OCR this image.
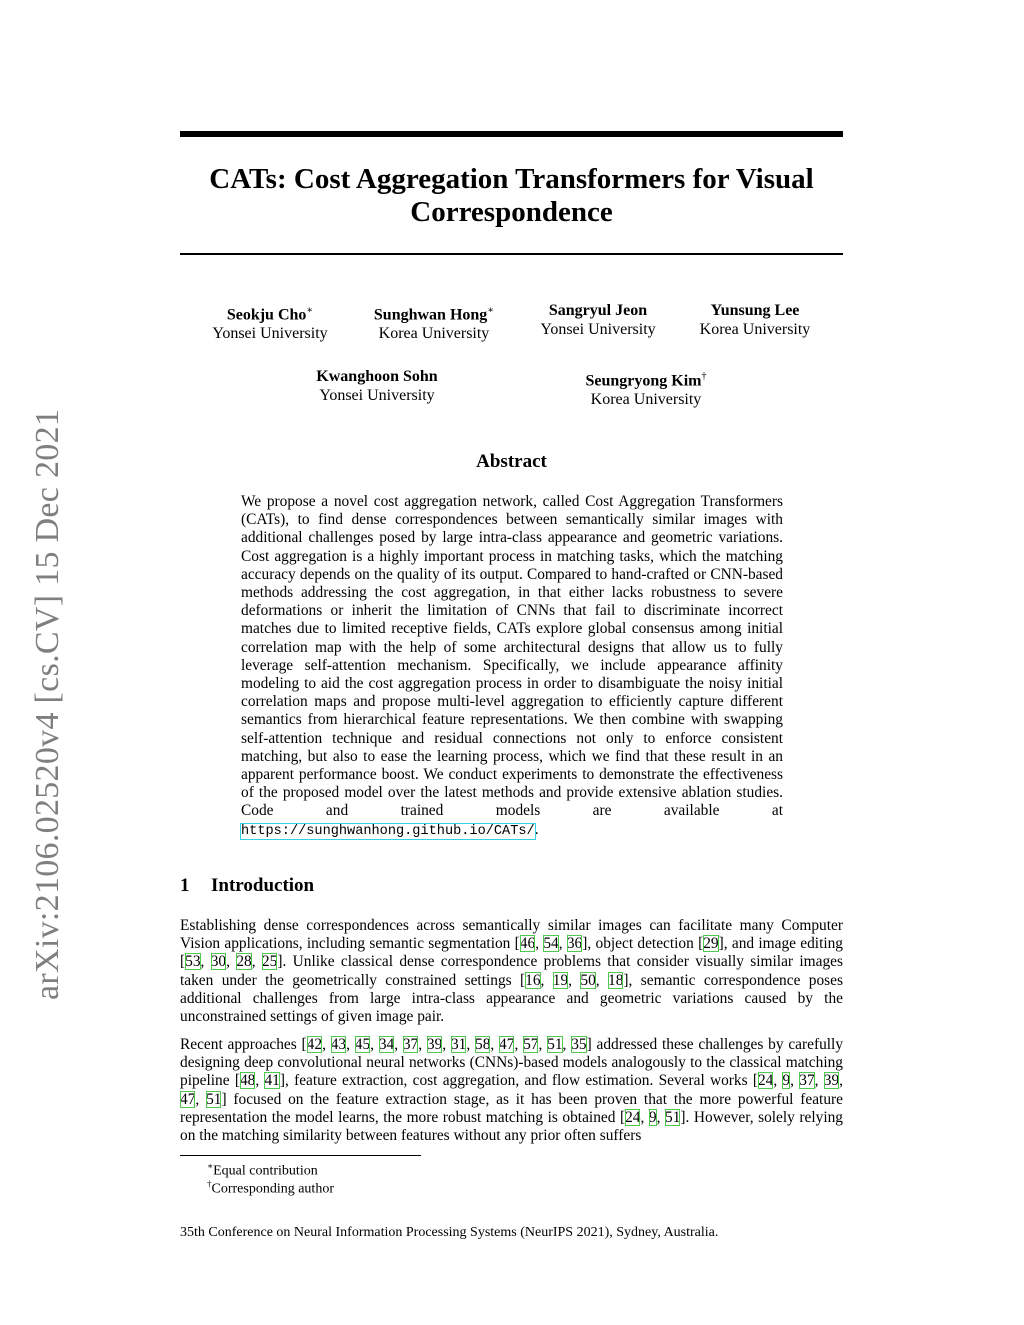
arXiv:2106.02520v4 [cs.CV] 15 Dec 2021
CATs: Cost Aggregation Transformers for Visual
Correspondence
Seokju Cho∗
Yonsei University
Sunghwan Hong∗
Korea University
Sangryul Jeon
Yonsei University
Yunsung Lee
Korea University
Kwanghoon Sohn
Yonsei University
Seungryong Kim†
Korea University
Abstract
We propose a novel cost aggregation network, called Cost Aggregation Transformers (CATs), to find dense correspondences between semantically similar images with additional challenges posed by large intra-class appearance and geometric variations. Cost aggregation is a highly important process in matching tasks, which the matching accuracy depends on the quality of its output. Compared to hand-crafted or CNN-based methods addressing the cost aggregation, in that either lacks robustness to severe deformations or inherit the limitation of CNNs that fail to discriminate incorrect matches due to limited receptive fields, CATs explore global consensus among initial correlation map with the help of some architectural designs that allow us to fully leverage self-attention mechanism. Specifically, we include appearance affinity modeling to aid the cost aggregation process in order to disambiguate the noisy initial correlation maps and propose multi-level aggregation to efficiently capture different semantics from hierarchical feature representations. We then combine with swapping self-attention technique and residual connections not only to enforce consistent matching, but also to ease the learning process, which we find that these result in an apparent performance boost. We conduct experiments to demonstrate the effectiveness of the proposed model over the latest methods and provide extensive ablation studies. Code and trained models are available at https://sunghwanhong.github.io/CATs/.
1 Introduction

Establishing dense correspondences across semantically similar images can facilitate many Computer Vision applications, including semantic segmentation [46, 54, 36], object detection [29], and image editing [53, 30, 28, 25]. Unlike classical dense correspondence problems that consider visually similar images taken under the geometrically constrained settings [16, 19, 50, 18], semantic correspondence poses additional challenges from large intra-class appearance and geometric variations caused by the unconstrained settings of given image pair.

Recent approaches [42, 43, 45, 34, 37, 39, 31, 58, 47, 57, 51, 35] addressed these challenges by carefully designing deep convolutional neural networks (CNNs)-based models analogously to the classical matching pipeline [48, 41], feature extraction, cost aggregation, and flow estimation. Several works [24, 9, 37, 39, 47, 51] focused on the feature extraction stage, as it has been proven that the more powerful feature representation the model learns, the more robust matching is obtained [24, 9, 51]. However, solely relying on the matching similarity between features without any prior often suffers

∗Equal contribution
†Corresponding author
35th Conference on Neural Information Processing Systems (NeurIPS 2021), Sydney, Australia.
